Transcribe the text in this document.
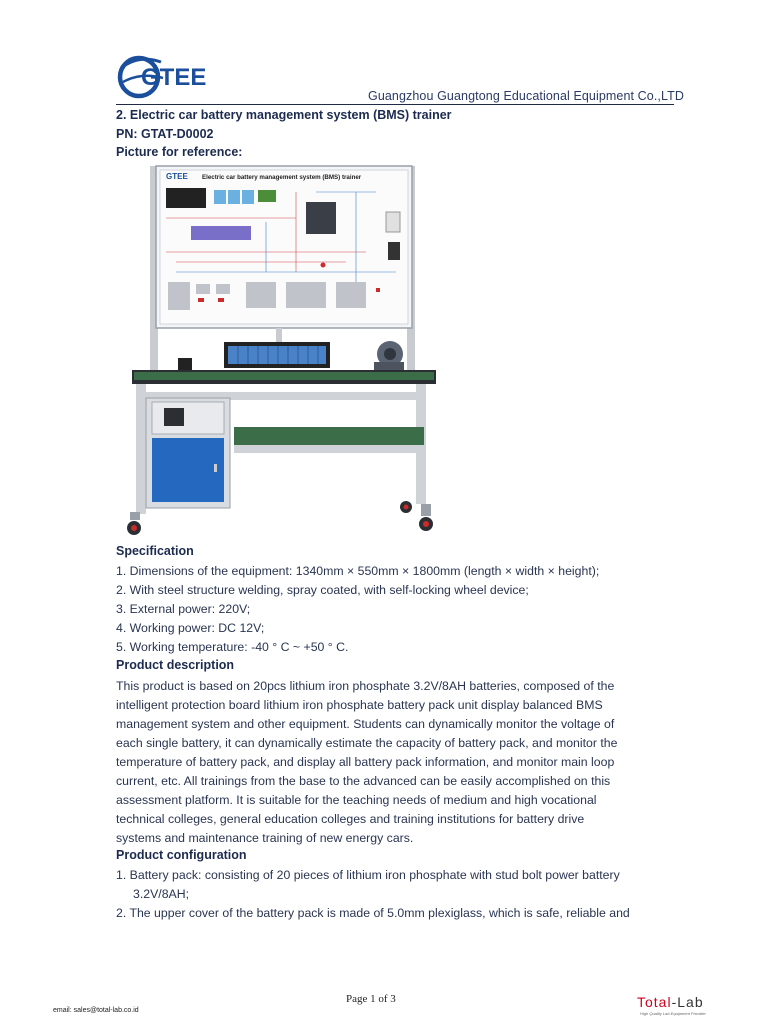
GTEE
Guangzhou Guangtong Educational Equipment Co.,LTD
2. Electric car battery management system (BMS) trainer
PN: GTAT-D0002
Picture for reference:
GTEE Electric car battery management system (BMS) trainer
Specification
1. Dimensions of the equipment: 1340mm × 550mm × 1800mm (length × width × height);
2. With steel structure welding, spray coated, with self-locking wheel device;
3. External power: 220V;
4. Working power: DC 12V;
5. Working temperature: -40 ° C ~ +50 ° C.
Product description
This product is based on 20pcs lithium iron phosphate 3.2V/8AH batteries, composed of the
intelligent protection board lithium iron phosphate battery pack unit display balanced BMS
management system and other equipment. Students can dynamically monitor the voltage of
each single battery, it can dynamically estimate the capacity of battery pack, and monitor the
temperature of battery pack, and display all battery pack information, and monitor main loop
current, etc. All trainings from the base to the advanced can be easily accomplished on this
assessment platform. It is suitable for the teaching needs of medium and high vocational
technical colleges, general education colleges and training institutions for battery drive
systems and maintenance training of new energy cars.
Product configuration
1. Battery pack: consisting of 20 pieces of lithium iron phosphate with stud bolt power battery
3.2V/8AH;
2. The upper cover of the battery pack is made of 5.0mm plexiglass, which is safe, reliable and
Page 1 of 3
email: sales@total-lab.co.id
Total-Lab
High Quality Lab Equipment Provider
